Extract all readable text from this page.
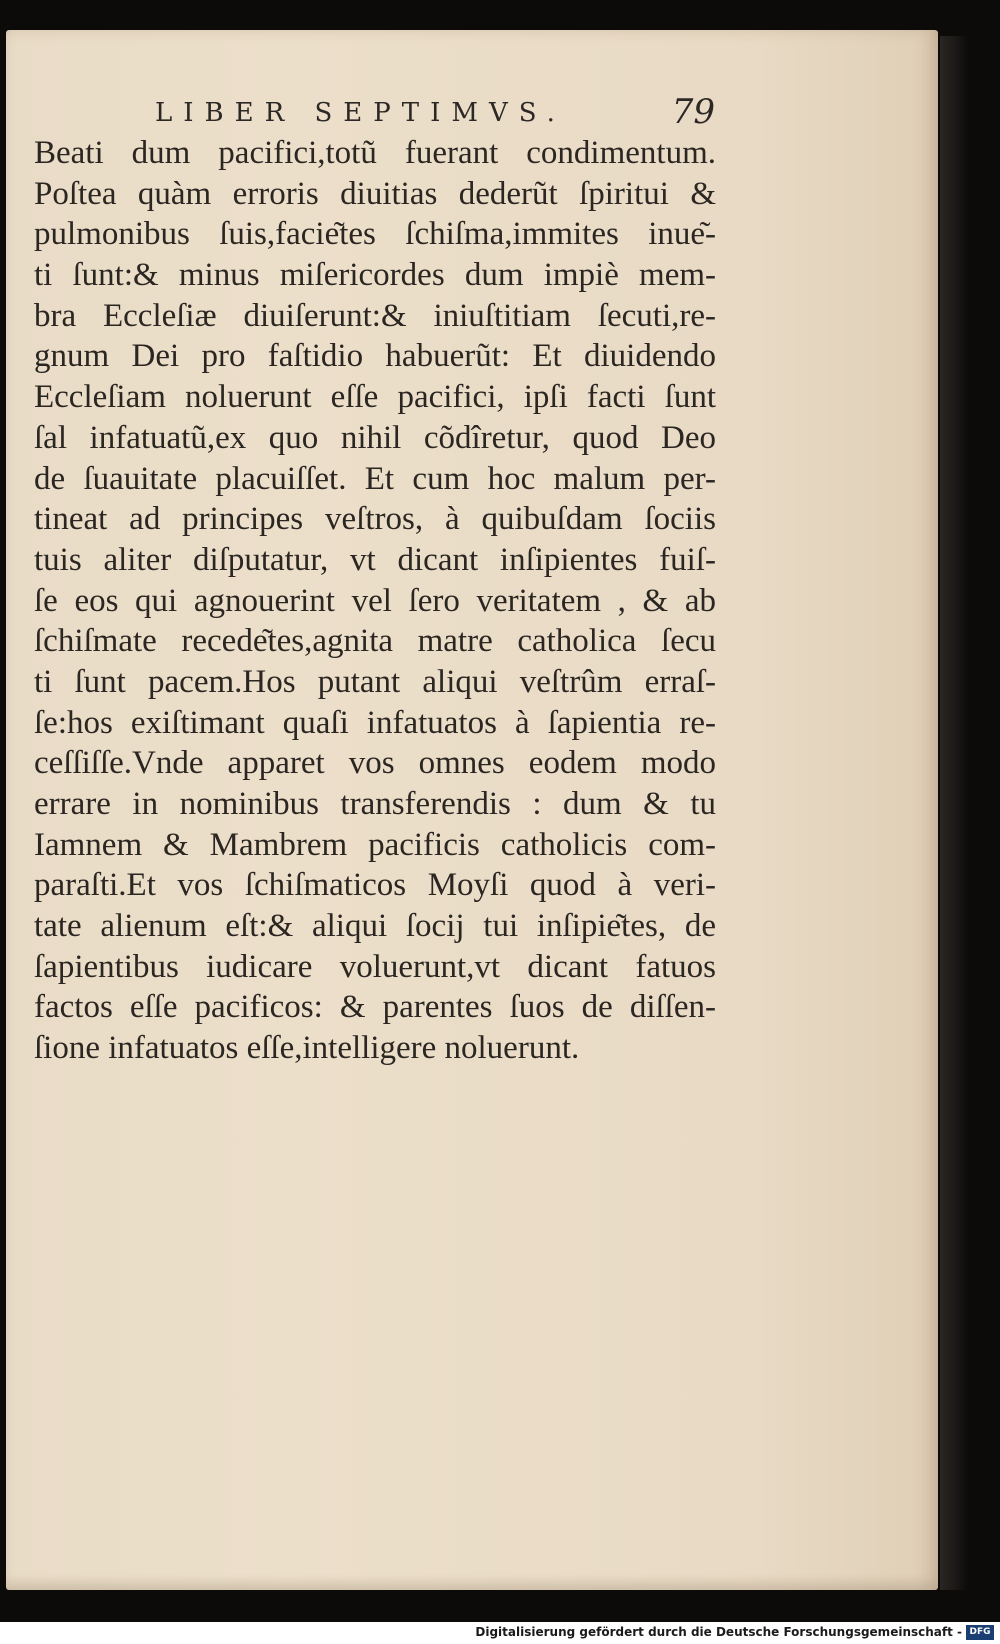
LIBER SEPTIMVS.	79
Beati dum pacifici,totũ fuerant condimentum.
Poſtea quàm erroris diuitias dederũt ſpiritui &
pulmonibus ſuis,facie͂tes ſchiſma,immites inue͂-
ti ſunt:& minus miſericordes dum impiè mem-
bra Eccleſiæ diuiſerunt:& iniuſtitiam ſecuti,re-
gnum Dei pro faſtidio habuerũt: Et diuidendo
Eccleſiam noluerunt eſſe pacifici, ipſi facti ſunt
ſal infatuatũ,ex quo nihil cõdîretur, quod Deo
de ſuauitate placuiſſet. Et cum hoc malum per-
tineat ad principes veſtros, à quibuſdam ſociis
tuis aliter diſputatur, vt dicant inſipientes fuiſ-
ſe eos qui agnouerint vel ſero veritatem , & ab
ſchiſmate recede͂tes,agnita matre catholica ſecu
ti ſunt pacem.Hos putant aliqui veſtrûm erraſ-
ſe:hos exiſtimant quaſi infatuatos à ſapientia re-
ceſſiſſe.Vnde apparet vos omnes eodem modo
errare in nominibus transferendis : dum & tu
Iamnem & Mambrem pacificis catholicis com-
paraſti.Et vos ſchiſmaticos Moyſi quod à veri-
tate alienum eſt:& aliqui ſocij tui inſipie͂tes, de
ſapientibus iudicare voluerunt,vt dicant fatuos
factos eſſe pacificos: & parentes ſuos de diſſen-
ſione infatuatos eſſe,intelligere noluerunt.
Digitalisierung gefördert durch die Deutsche Forschungsgemeinschaft - DFG
